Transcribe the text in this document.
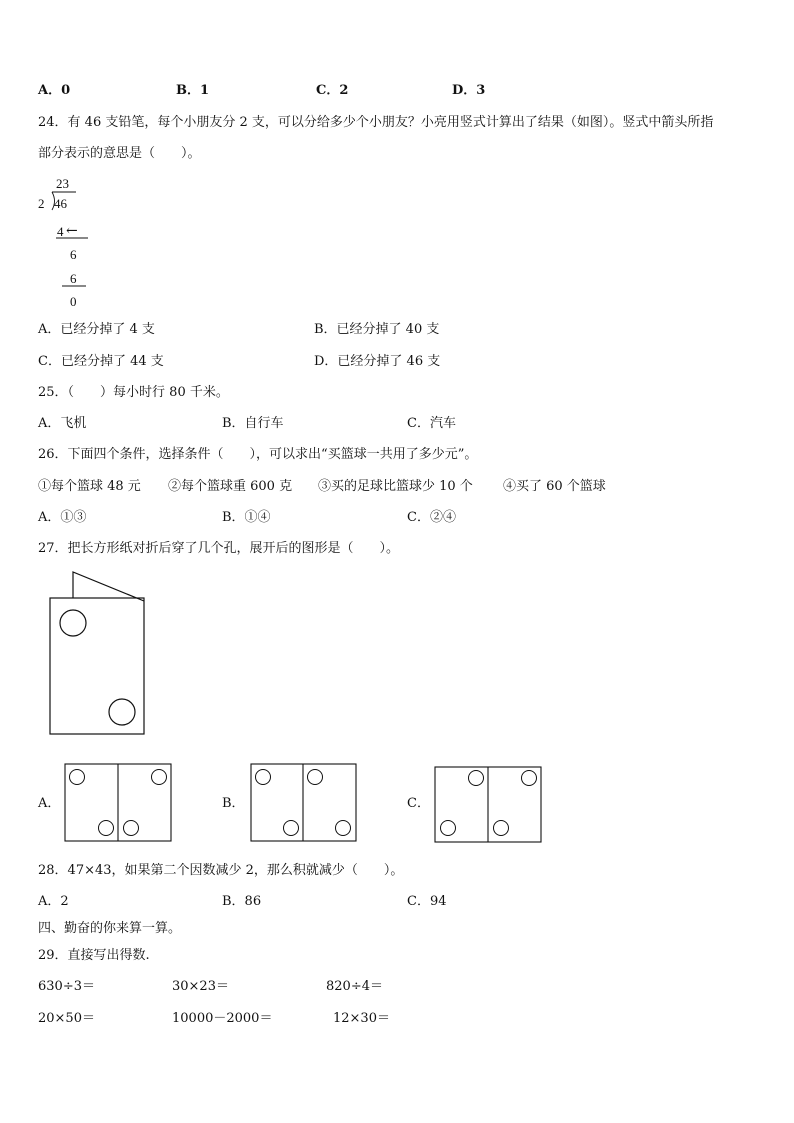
A．0	B．1	C．2	D．3
24．有 46 支铅笔，每个小朋友分 2 支，可以分给多少个小朋友？小亮用竖式计算出了结果（如图）。竖式中箭头所指
部分表示的意思是（　　）。
23
2 46
4 ←
6
6
0
A．已经分掉了 4 支	B．已经分掉了 40 支
C．已经分掉了 44 支	D．已经分掉了 46 支
25．（　　）每小时行 80 千米。
A．飞机	B．自行车	C．汽车
26．下面四个条件，选择条件（　　），可以求出“买篮球一共用了多少元”。
①每个篮球 48 元 ②每个篮球重 600 克 ③买的足球比篮球少 10 个 ④买了 60 个篮球
A．①③	B．①④	C．②④
27．把长方形纸对折后穿了几个孔，展开后的图形是（　　）。
A．	B．	C．
28．47×43，如果第二个因数减少 2，那么积就减少（　　）。
A．2	B．86	C．94
四、勤奋的你来算一算。
29．直接写出得数.
630÷3＝	30×23＝	820÷4＝
20×50＝	10000－2000＝	12×30＝
